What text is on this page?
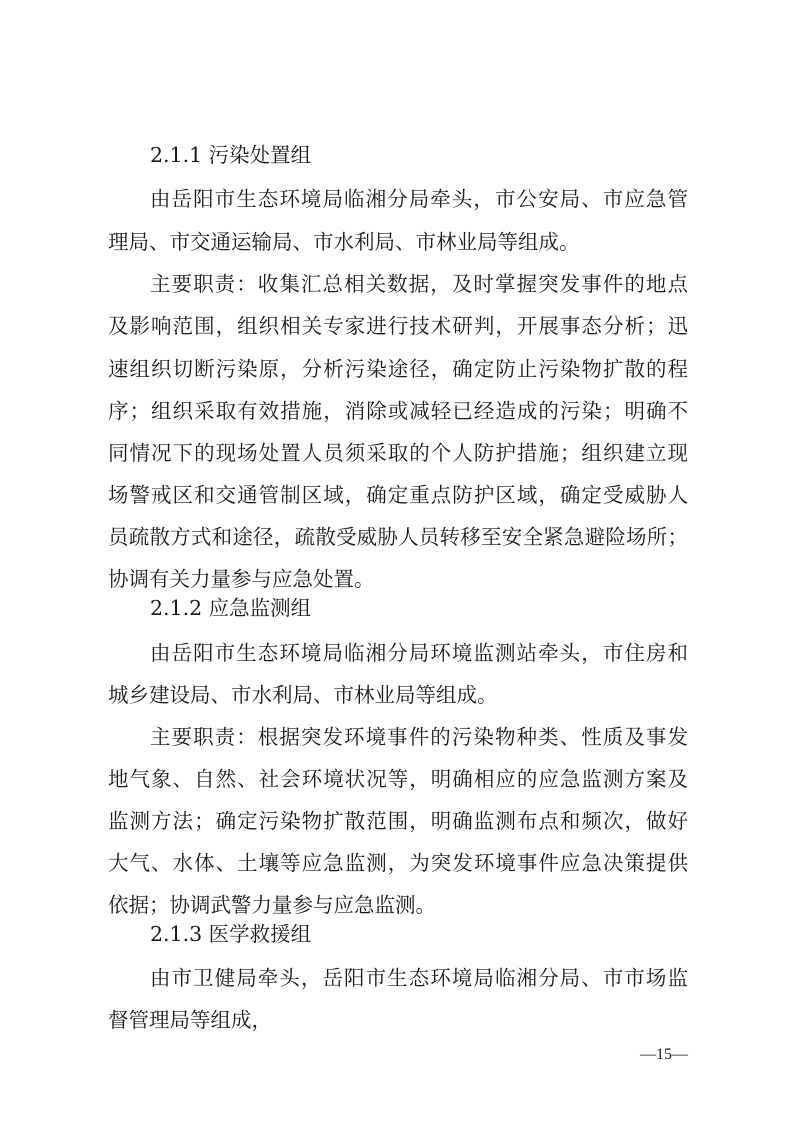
2.1.1 污染处置组
由岳阳市生态环境局临湘分局牵头，市公安局、市应急管
理局、市交通运输局、市水利局、市林业局等组成。
主要职责：收集汇总相关数据，及时掌握突发事件的地点
及影响范围，组织相关专家进行技术研判，开展事态分析；迅
速组织切断污染原，分析污染途径，确定防止污染物扩散的程
序；组织采取有效措施，消除或减轻已经造成的污染；明确不
同情况下的现场处置人员须采取的个人防护措施；组织建立现
场警戒区和交通管制区域，确定重点防护区域，确定受威胁人
员疏散方式和途径，疏散受威胁人员转移至安全紧急避险场所；
协调有关力量参与应急处置。
2.1.2 应急监测组
由岳阳市生态环境局临湘分局环境监测站牵头，市住房和
城乡建设局、市水利局、市林业局等组成。
主要职责：根据突发环境事件的污染物种类、性质及事发
地气象、自然、社会环境状况等，明确相应的应急监测方案及
监测方法；确定污染物扩散范围，明确监测布点和频次，做好
大气、水体、土壤等应急监测，为突发环境事件应急决策提供
依据；协调武警力量参与应急监测。
2.1.3 医学救援组
由市卫健局牵头，岳阳市生态环境局临湘分局、市市场监
督管理局等组成，
—15—
